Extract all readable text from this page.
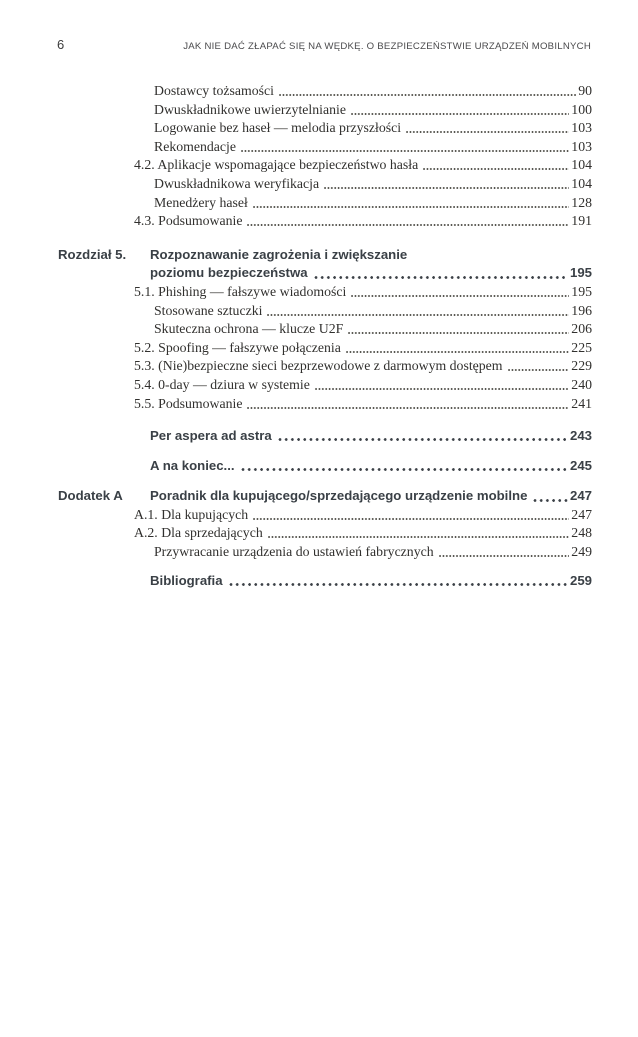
6	JAK NIE DAĆ ZŁAPAĆ SIĘ NA WĘDKĘ. O BEZPIECZEŃSTWIE URZĄDZEŃ MOBILNYCH
Dostawcy tożsamości	90
Dwuskładnikowe uwierzytelnianie	100
Logowanie bez haseł — melodia przyszłości	103
Rekomendacje	103
4.2. Aplikacje wspomagające bezpieczeństwo hasła	104
Dwuskładnikowa weryfikacja	104
Menedżery haseł	128
4.3. Podsumowanie	191
Rozdział 5. Rozpoznawanie zagrożenia i zwiększanie
poziomu bezpieczeństwa	195
5.1. Phishing — fałszywe wiadomości	195
Stosowane sztuczki	196
Skuteczna ochrona — klucze U2F	206
5.2. Spoofing — fałszywe połączenia	225
5.3. (Nie)bezpieczne sieci bezprzewodowe z darmowym dostępem	229
5.4. 0-day — dziura w systemie	240
5.5. Podsumowanie	241
Per aspera ad astra	243
A na koniec...	245
Dodatek A Poradnik dla kupującego/sprzedającego urządzenie mobilne	247
A.1. Dla kupujących	247
A.2. Dla sprzedających	248
Przywracanie urządzenia do ustawień fabrycznych	249
Bibliografia	259
